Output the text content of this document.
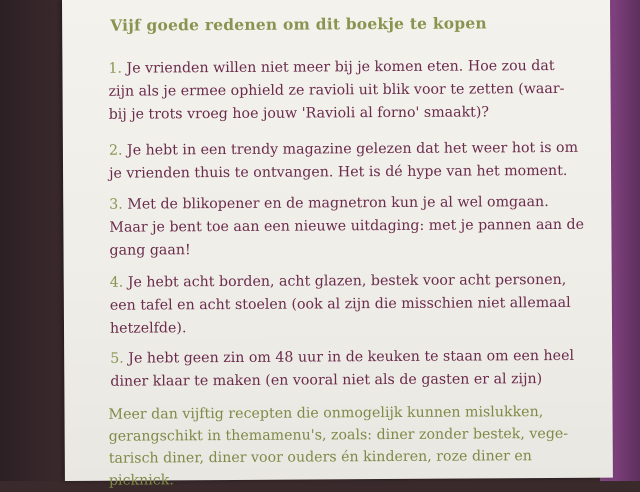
Vijf goede redenen om dit boekje te kopen
1. Je vrienden willen niet meer bij je komen eten. Hoe zou dat
zijn als je ermee ophield ze ravioli uit blik voor te zetten (waar-
bij je trots vroeg hoe jouw 'Ravioli al forno' smaakt)?
2. Je hebt in een trendy magazine gelezen dat het weer hot is om
je vrienden thuis te ontvangen. Het is dé hype van het moment.
3. Met de blikopener en de magnetron kun je al wel omgaan.
Maar je bent toe aan een nieuwe uitdaging: met je pannen aan de
gang gaan!
4. Je hebt acht borden, acht glazen, bestek voor acht personen,
een tafel en acht stoelen (ook al zijn die misschien niet allemaal
hetzelfde).
5. Je hebt geen zin om 48 uur in de keuken te staan om een heel
diner klaar te maken (en vooral niet als de gasten er al zijn)
Meer dan vijftig recepten die onmogelijk kunnen mislukken,
gerangschikt in themamenu's, zoals: diner zonder bestek, vege-
tarisch diner, diner voor ouders én kinderen, roze diner en
picknick.
